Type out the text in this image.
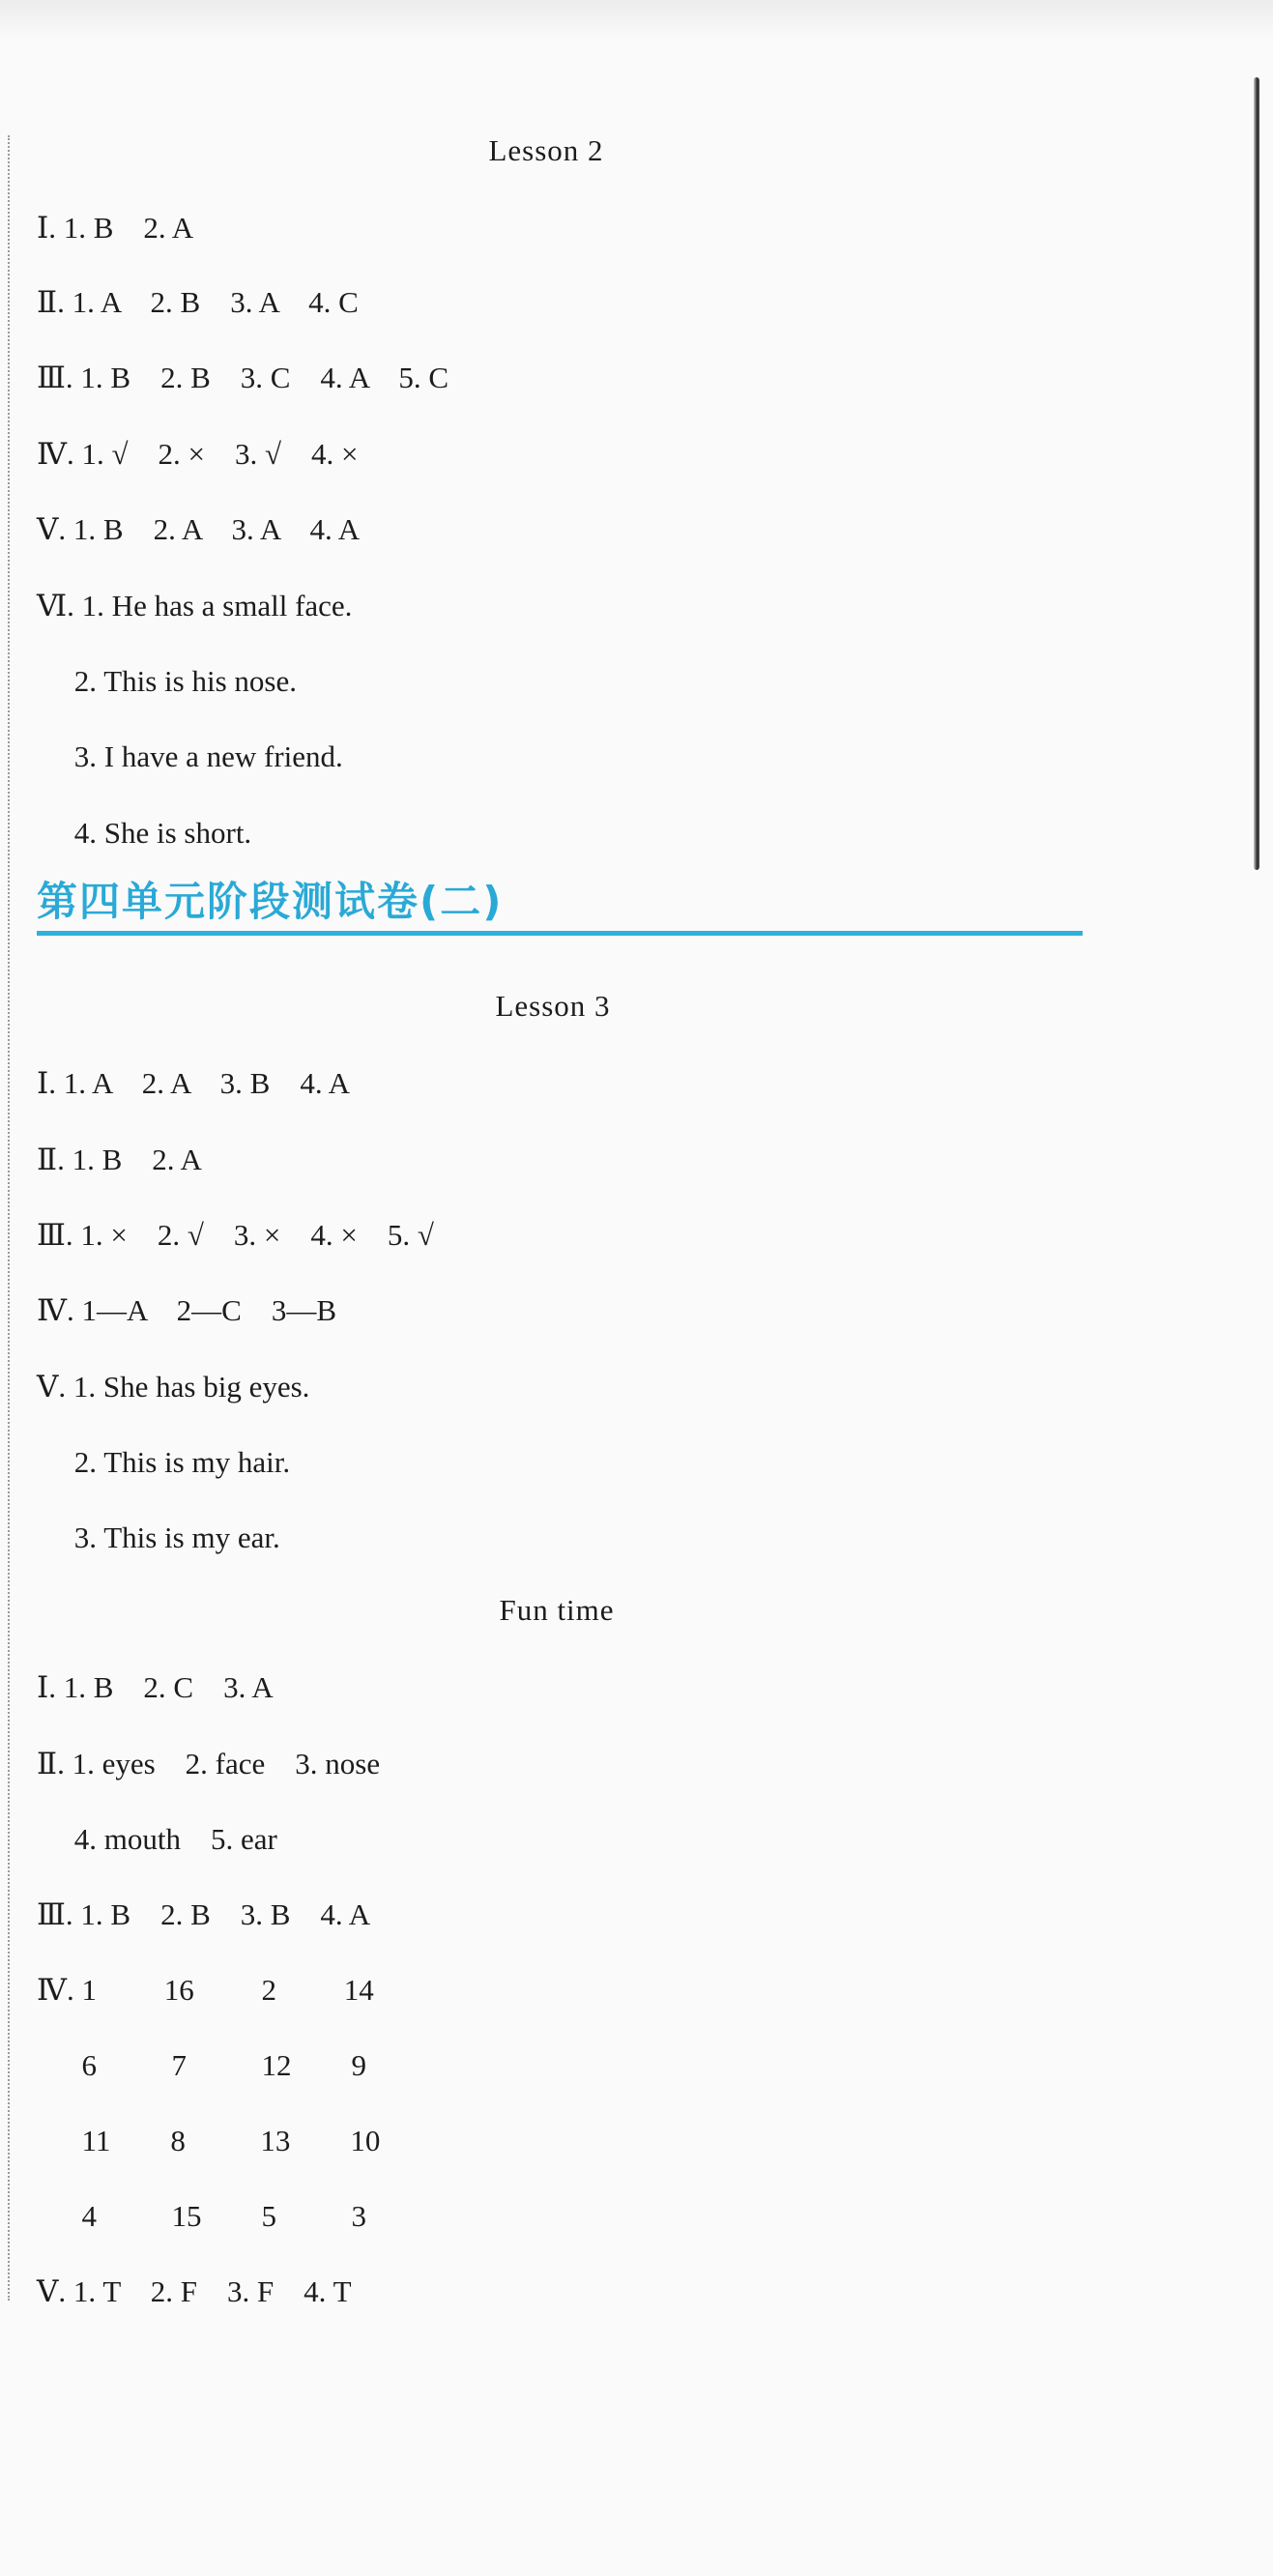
Lesson 2
Ⅰ. 1. B    2. A
Ⅱ. 1. A    2. B    3. A    4. C
Ⅲ. 1. B    2. B    3. C    4. A    5. C
Ⅳ. 1. √    2. ×    3. √    4. ×
Ⅴ. 1. B    2. A    3. A    4. A
Ⅵ. 1. He has a small face.
2. This is his nose.
3. I have a new friend.
4. She is short.
第四单元阶段测试卷(二)
Lesson 3
Ⅰ. 1. A    2. A    3. B    4. A
Ⅱ. 1. B    2. A
Ⅲ. 1. ×    2. √    3. ×    4. ×    5. √
Ⅳ. 1—A    2—C    3—B
Ⅴ. 1. She has big eyes.
2. This is my hair.
3. This is my ear.
Fun time
Ⅰ. 1. B    2. C    3. A
Ⅱ. 1. eyes    2. face    3. nose
4. mouth    5. ear
Ⅲ. 1. B    2. B    3. B    4. A
Ⅳ. 1         16         2         14
6          7          12        9
11        8          13        10
4          15        5          3
Ⅴ. 1. T    2. F    3. F    4. T
